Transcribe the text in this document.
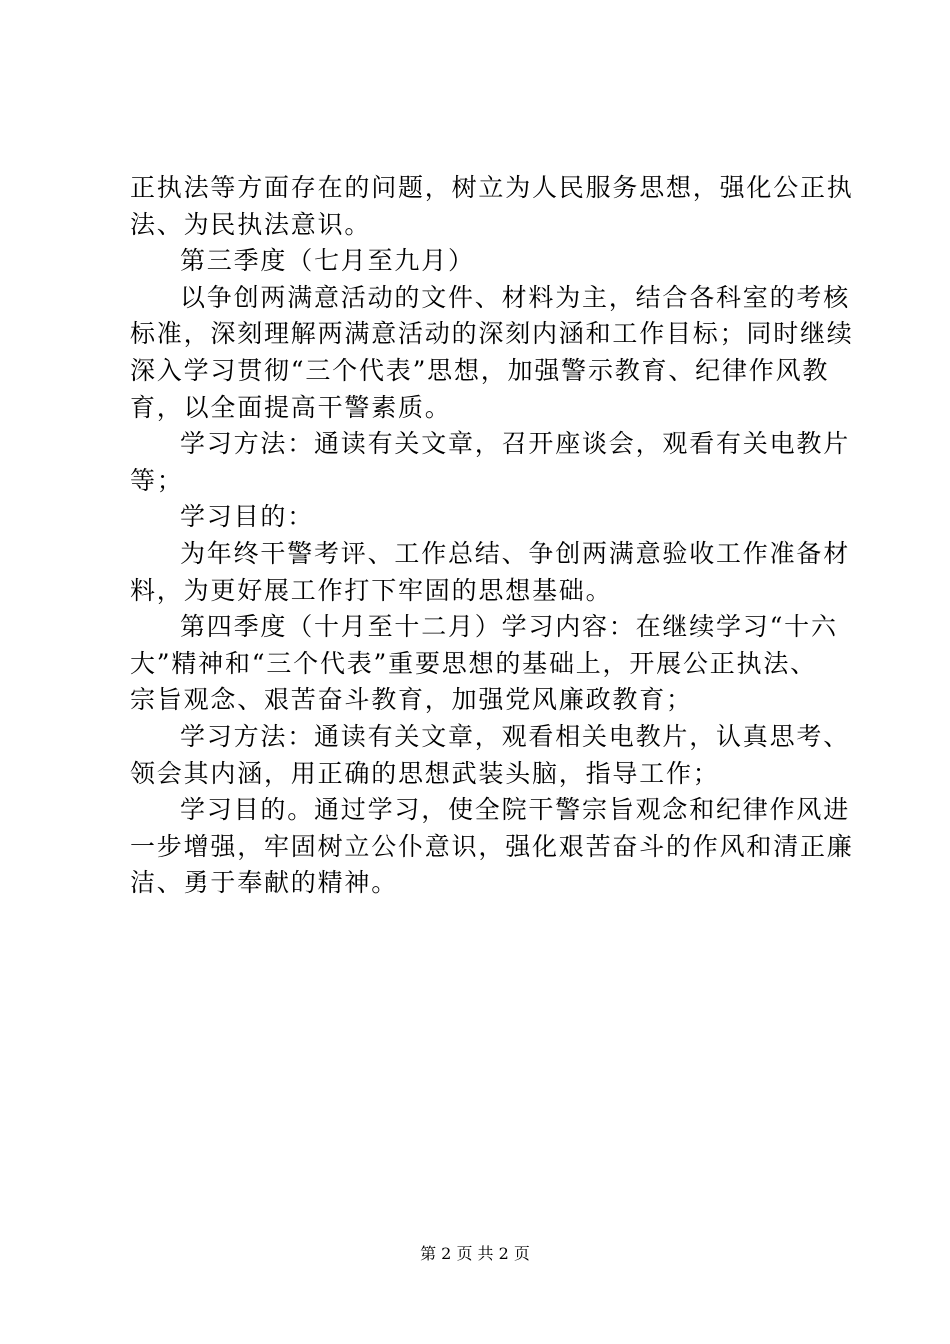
正执法等方面存在的问题，树立为人民服务思想，强化公正执
法、为民执法意识。
第三季度（七月至九月）
以争创两满意活动的文件、材料为主，结合各科室的考核
标准，深刻理解两满意活动的深刻内涵和工作目标；同时继续
深入学习贯彻“三个代表”思想，加强警示教育、纪律作风教
育，以全面提高干警素质。
学习方法：通读有关文章，召开座谈会，观看有关电教片
等；
学习目的：
为年终干警考评、工作总结、争创两满意验收工作准备材
料，为更好展工作打下牢固的思想基础。
第四季度（十月至十二月）学习内容：在继续学习“十六
大”精神和“三个代表”重要思想的基础上，开展公正执法、
宗旨观念、艰苦奋斗教育，加强党风廉政教育；
学习方法：通读有关文章，观看相关电教片，认真思考、
领会其内涵，用正确的思想武装头脑，指导工作；
学习目的。通过学习，使全院干警宗旨观念和纪律作风进
一步增强，牢固树立公仆意识，强化艰苦奋斗的作风和清正廉
洁、勇于奉献的精神。
第 2 页 共 2 页
